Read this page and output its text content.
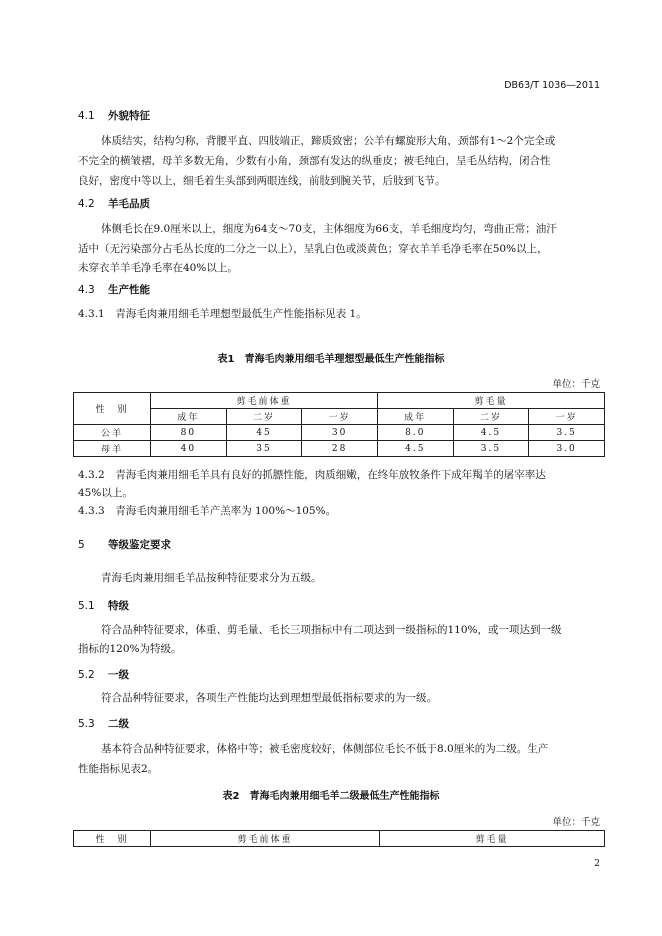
DB63/T 1036—2011
4.1 外貌特征
体质结实，结构匀称，背腰平直、四肢端正，蹄质致密；公羊有螺旋形大角，颈部有1～2个完全或
不完全的横皱褶，母羊多数无角，少数有小角，颈部有发达的纵垂皮；被毛纯白，呈毛丛结构，闭合性
良好，密度中等以上，细毛着生头部到两眼连线，前肢到腕关节，后肢到飞节。
4.2 羊毛品质
体侧毛长在9.0厘米以上，细度为64支～70支，主体细度为66支，羊毛细度均匀，弯曲正常；油汗
适中（无污染部分占毛丛长度的二分之一以上），呈乳白色或淡黄色；穿衣羊羊毛净毛率在50%以上，
未穿衣羊羊毛净毛率在40%以上。
4.3 生产性能
4.3.1　青海毛肉兼用细毛羊理想型最低生产性能指标见表 1。
表1　青海毛肉兼用细毛羊理想型最低生产性能指标
单位：千克
性　别	剪毛前体重			剪毛量		
	成年	二岁	一岁	成年	二岁	一岁
公羊	80	45	30	8.0	4.5	3.5
母羊	40	35	28	4.5	3.5	3.0
4.3.2　青海毛肉兼用细毛羊具有良好的抓膘性能，肉质细嫩，在终年放牧条件下成年羯羊的屠宰率达
45%以上。
4.3.3　青海毛肉兼用细毛羊产羔率为 100%～105%。
5 等级鉴定要求
青海毛肉兼用细毛羊品按种特征要求分为五级。
5.1 特级
符合品种特征要求，体重、剪毛量、毛长三项指标中有二项达到一级指标的110%，或一项达到一级
指标的120%为特级。
5.2 一级
符合品种特征要求，各项生产性能均达到理想型最低指标要求的为一级。
5.3 二级
基本符合品种特征要求，体格中等；被毛密度较好，体侧部位毛长不低于8.0厘米的为二级。生产
性能指标见表2。
表2　青海毛肉兼用细毛羊二级最低生产性能指标
单位：千克
性　别	剪毛前体重	剪毛量
2
